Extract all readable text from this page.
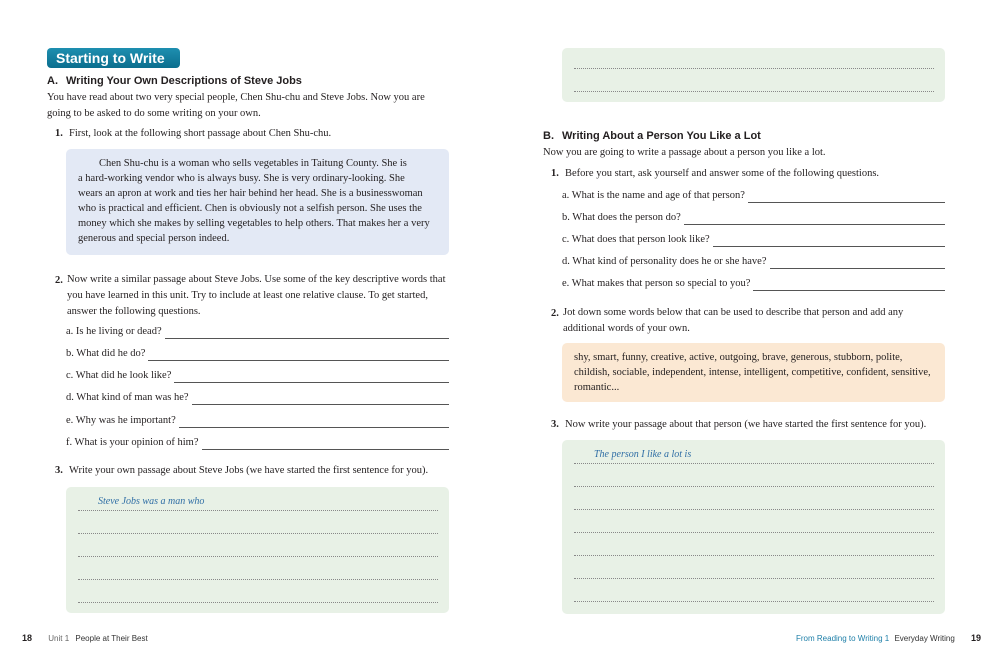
Starting to Write
A. Writing Your Own Descriptions of Steve Jobs
You have read about two very special people, Chen Shu-chu and Steve Jobs. Now you are
going to be asked to do some writing on your own.
1. First, look at the following short passage about Chen Shu-chu.
Chen Shu-chu is a woman who sells vegetables in Taitung County. She is
a hard-working vendor who is always busy. She is very ordinary-looking. She
wears an apron at work and ties her hair behind her head. She is a businesswoman
who is practical and efficient. Chen is obviously not a selfish person. She uses the
money which she makes by selling vegetables to help others. That makes her a very
generous and special person indeed.
2. Now write a similar passage about Steve Jobs. Use some of the key descriptive words that
you have learned in this unit. Try to include at least one relative clause. To get started,
answer the following questions.
a. Is he living or dead?
b. What did he do?
c. What did he look like?
d. What kind of man was he?
e. Why was he important?
f. What is your opinion of him?
3. Write your own passage about Steve Jobs (we have started the first sentence for you).
Steve Jobs was a man who
18 Unit 1 People at Their Best
B. Writing About a Person You Like a Lot
Now you are going to write a passage about a person you like a lot.
1. Before you start, ask yourself and answer some of the following questions.
a. What is the name and age of that person?
b. What does the person do?
c. What does that person look like?
d. What kind of personality does he or she have?
e. What makes that person so special to you?
2. Jot down some words below that can be used to describe that person and add any
additional words of your own.
shy, smart, funny, creative, active, outgoing, brave, generous, stubborn, polite,
childish, sociable, independent, intense, intelligent, competitive, confident, sensitive,
romantic...
3. Now write your passage about that person (we have started the first sentence for you).
The person I like a lot is
From Reading to Writing 1 Everyday Writing 19
